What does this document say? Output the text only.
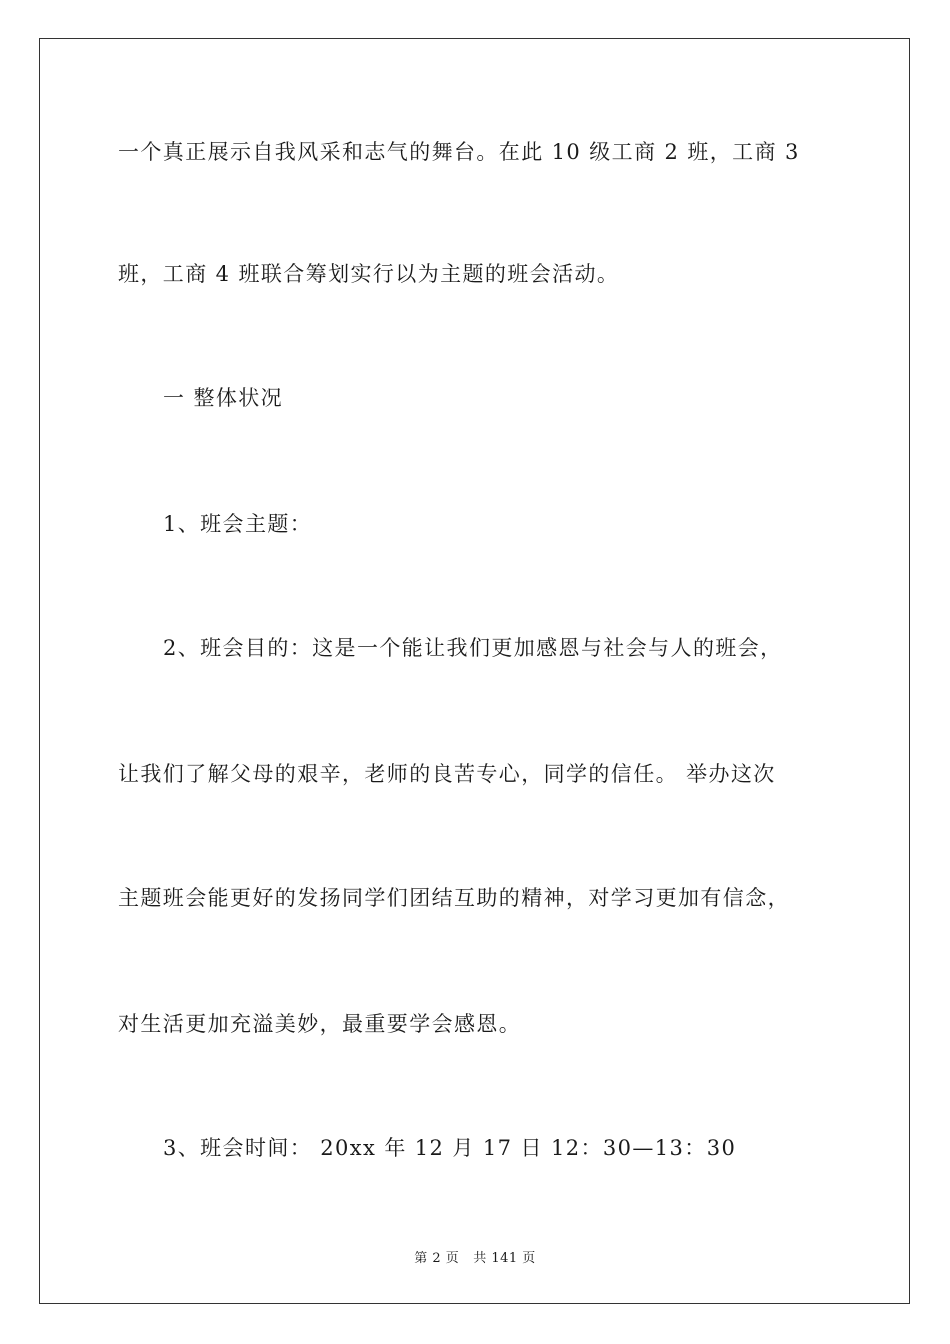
一个真正展示自我风采和志气的舞台。在此 10 级工商 2 班，工商 3
班，工商 4 班联合筹划实行以为主题的班会活动。
一 整体状况
1、班会主题：
2、班会目的：这是一个能让我们更加感恩与社会与人的班会，
让我们了解父母的艰辛，老师的良苦专心，同学的信任。 举办这次
主题班会能更好的发扬同学们团结互助的精神，对学习更加有信念，
对生活更加充溢美妙，最重要学会感恩。
3、班会时间： 20xx 年 12 月 17 日 12：30—13：30
第 2 页 共 141 页
